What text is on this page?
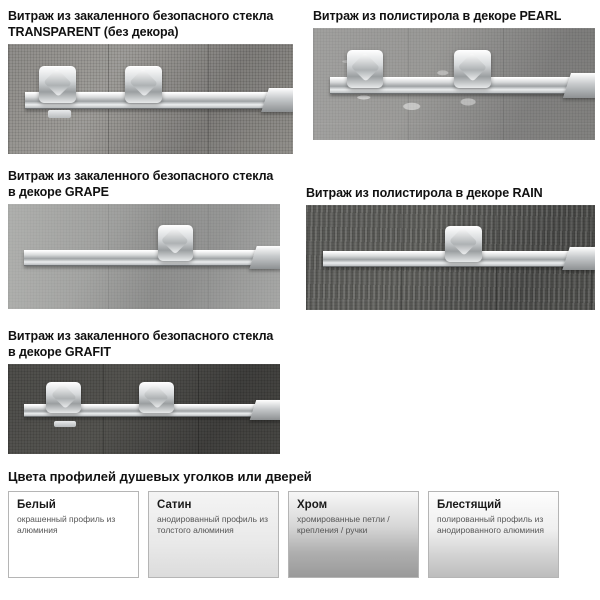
Витраж из закаленного безопасного стекла TRANSPARENT (без декора)
Витраж из полистирола в декоре PEARL
Витраж из закаленного безопасного стекла в декоре GRAPE	Витраж из полистирола в декоре RAIN
Витраж из закаленного безопасного стекла в декоре GRAFIT
Цвета профилей душевых уголков или дверей
Белый
окрашенный профиль из алюминия
Сатин
анодированный профиль из толстого алюминия
Хром
хромированные петли / крепления / ручки
Блестящий
полированный профиль из анодированного алюминия
